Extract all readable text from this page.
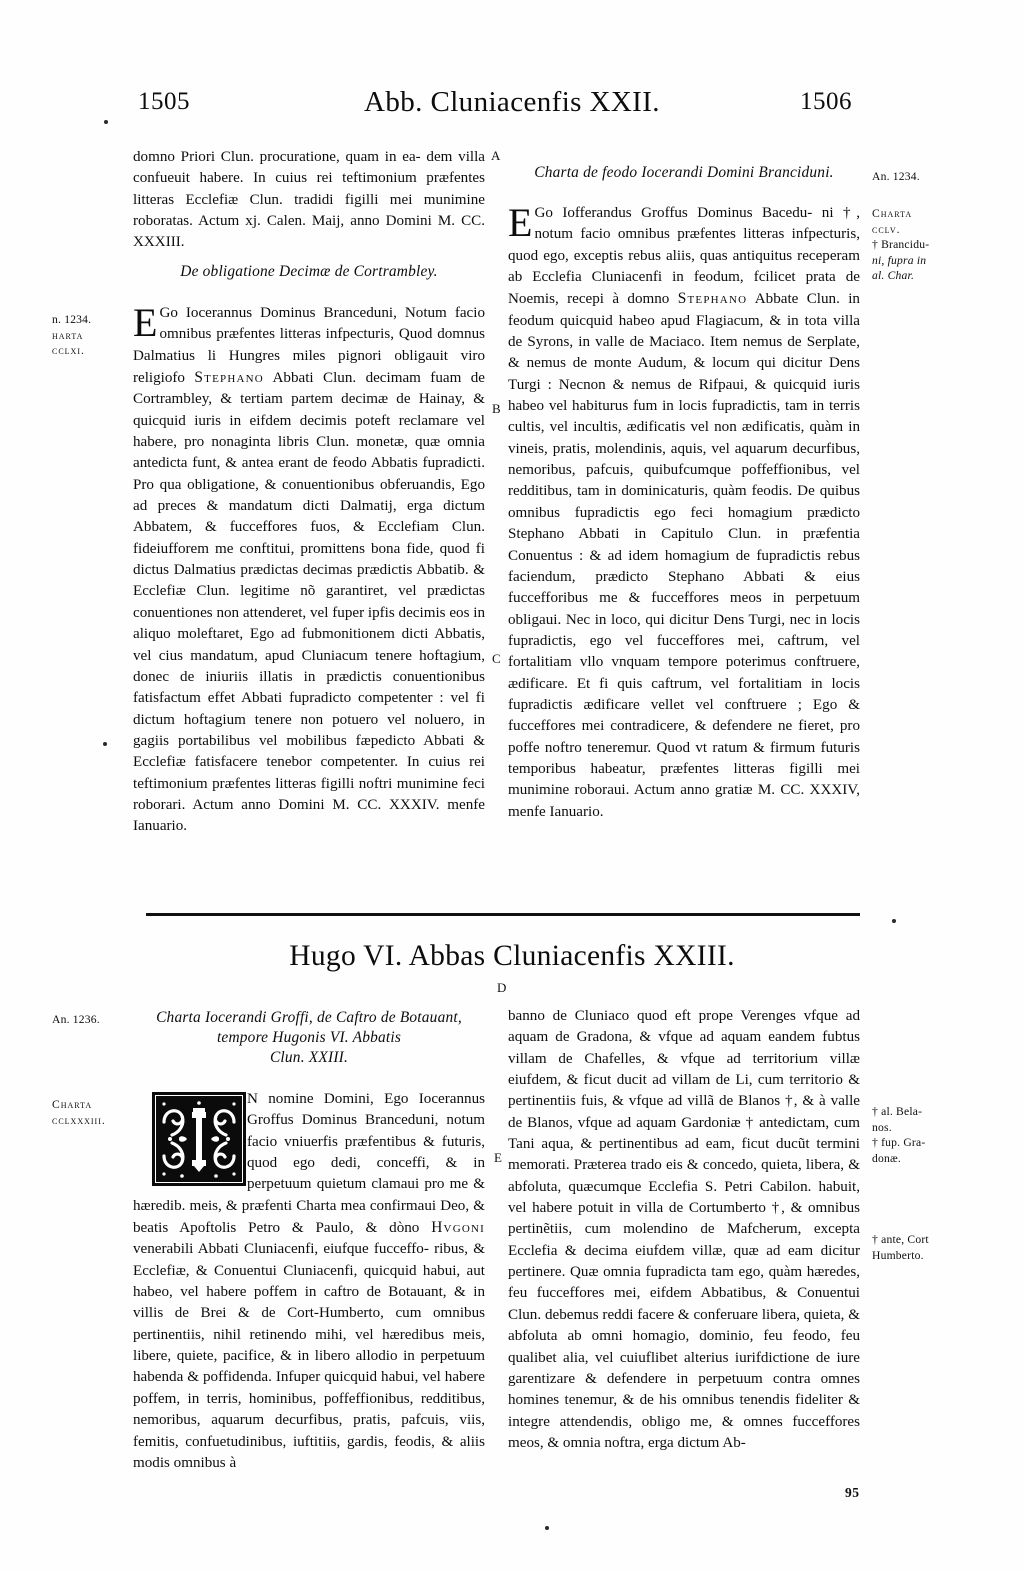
1505	Abb. Cluniacenfis XXII.	1506
n. 1234.
harta
cclxi.

domno Priori Clun. procuratione, quam in ea- dem villa confueuit habere. In cuius rei teftimonium præfentes litteras Ecclefiæ Clun. tradidi figilli mei munimine roboratas. Actum xj. Calen. Maij, anno Domini M. CC. XXXIII.

De obligatione Decimæ de Cortrambley.

E Go Iocerannus Dominus Branceduni, Notum facio omnibus præfentes litteras infpecturis, Quod domnus Dalmatius li Hungres miles pignori obligauit viro religiofo Stephano Abbati Clun. decimam fuam de Cortrambley, & tertiam partem decimæ de Hainay, & quicquid iuris in eifdem decimis poteft reclamare vel habere, pro nonaginta libris Clun. monetæ, quæ omnia antedicta funt, & antea erant de feodo Abbatis fupradicti. Pro qua obligatione, & conuentionibus obferuandis, Ego ad preces & mandatum dicti Dalmatij, erga dictum Abbatem, & fucceffores fuos, & Ecclefiam Clun. fideiufforem me conftitui, promittens bona fide, quod fi dictus Dalmatius prædictas decimas prædictis Abbatib. & Ecclefiæ Clun. legitime nõ garantiret, vel prædictas conuentiones non attenderet, vel fuper ipfis decimis eos in aliquo moleftaret, Ego ad fubmonitionem dicti Abbatis, vel cius mandatum, apud Cluniacum tenere hoftagium, donec de iniuriis illatis in prædictis conuentionibus fatisfactum effet Abbati fupradicto competenter : vel fi dictum hoftagium tenere non potuero vel noluero, in gagiis portabilibus vel mobilibus fæpedicto Abbati & Ecclefiæ fatisfacere tenebor competenter. In cuius rei teftimonium præfentes litteras figilli noftri munimine feci roborari. Actum anno Domini M. CC. XXXIV. menfe Ianuario.

Charta de feodo Iocerandi Domini Branciduni.

E Go Iofferandus Groffus Dominus Bacedu- ni †, notum facio omnibus præfentes litteras infpecturis, quod ego, exceptis rebus aliis, quas antiquitus receperam ab Ecclefia Cluniacenfi in feodum, fcilicet prata de Noemis, recepi à domno Stephano Abbate Clun. in feodum quicquid habeo apud Flagiacum, & in tota villa de Syrons, in valle de Maciaco. Item nemus de Serplate, & nemus de monte Audum, & locum qui dicitur Dens Turgi : Necnon & nemus de Rifpaui, & quicquid iuris habeo vel habiturus fum in locis fupradictis, tam in terris cultis, vel incultis, ædificatis vel non ædificatis, quàm in vineis, pratis, molendinis, aquis, vel aquarum decurfibus, nemoribus, pafcuis, quibufcumque poffeffionibus, vel redditibus, tam in dominicaturis, quàm feodis. De quibus omnibus fupradictis ego feci homagium prædicto Stephano Abbati in Capitulo Clun. in præfentia Conuentus : & ad idem homagium de fupradictis rebus faciendum, prædicto Stephano Abbati & eius fuccefforibus me & fucceffores meos in perpetuum obligaui. Nec in loco, qui dicitur Dens Turgi, nec in locis fupradictis, ego vel fucceffores mei, caftrum, vel fortalitiam vllo vnquam tempore poterimus conftruere, ædificare. Et fi quis caftrum, vel fortalitiam in locis fupradictis ædificare vellet vel conftruere ; Ego & fucceffores mei contradicere, & defendere ne fieret, pro poffe noftro teneremur. Quod vt ratum & firmum futuris temporibus habeatur, præfentes litteras figilli mei munimine roboraui. Actum anno gratiæ M. CC. XXXIV, menfe Ianuario.

An. 1234.
Charta
cclv.
† Brancidu-
ni, fupra in
al. Char.
A
B
C
D
E
Hugo VI. Abbas Cluniacenfis XXIII.
An. 1236.
Charta
cclxxxiii.
Charta Iocerandi Groffi, de Caftro de Botauant,
tempore Hugonis VI. Abbatis
Clun. XXIII.

N nomine Domini, Ego Iocerannus Groffus Dominus Branceduni, notum facio vniuerfis præfentibus & futuris, quod ego dedi, conceffi, & in perpetuum quietum clamaui pro me & hæredib. meis, & præfenti Charta mea confirmaui Deo, & beatis Apoftolis Petro & Paulo, & dòno Hvgoni venerabili Abbati Cluniacenfi, eiufque fucceffo- ribus, & Ecclefiæ, & Conuentui Cluniacenfi, quicquid habui, aut habeo, vel habere poffem in caftro de Botauant, & in villis de Brei & de Cort-Humberto, cum omnibus pertinentiis, nihil retinendo mihi, vel hæredibus meis, libere, quiete, pacifice, & in libero allodio in perpetuum habenda & poffidenda. Infuper quicquid habui, vel habere poffem, in terris, hominibus, poffeffionibus, redditibus, nemoribus, aquarum decurfibus, pratis, pafcuis, viis, femitis, confuetudinibus, iuftitiis, gardis, feodis, & aliis modis omnibus à

banno de Cluniaco quod eft prope Verenges vfque ad aquam de Gradona, & vfque ad aquam eandem fubtus villam de Chafelles, & vfque ad territorium villæ eiufdem, & ficut ducit ad villam de Li, cum territorio & pertinentiis fuis, & vfque ad villã de Blanos †, & à valle de Blanos, vfque ad aquam Gardoniæ † antedictam, cum Tani aqua, & pertinentibus ad eam, ficut ducũt termini memorati. Præterea trado eis & concedo, quieta, libera, & abfoluta, quæcumque Ecclefia S. Petri Cabilon. habuit, vel habere potuit in villa de Cortumberto †, & omnibus pertinẽtiis, cum molendino de Mafcherum, excepta Ecclefia & decima eiufdem villæ, quæ ad eam dicitur pertinere. Quæ omnia fupradicta tam ego, quàm hæredes, feu fucceffores mei, eifdem Abbatibus, & Conuentui Clun. debemus reddi facere & conferuare libera, quieta, & abfoluta ab omni homagio, dominio, feu feodo, feu qualibet alia, vel cuiuflibet alterius iurifdictione de iure garentizare & defendere in perpetuum contra omnes homines tenemur, & de his omnibus tenendis fideliter & integre attendendis, obligo me, & omnes fucceffores meos, & omnia noftra, erga dictum Ab-

† al. Bela-
nos.
† fup. Gra-
donæ.
† ante, Cort
Humberto.
95
